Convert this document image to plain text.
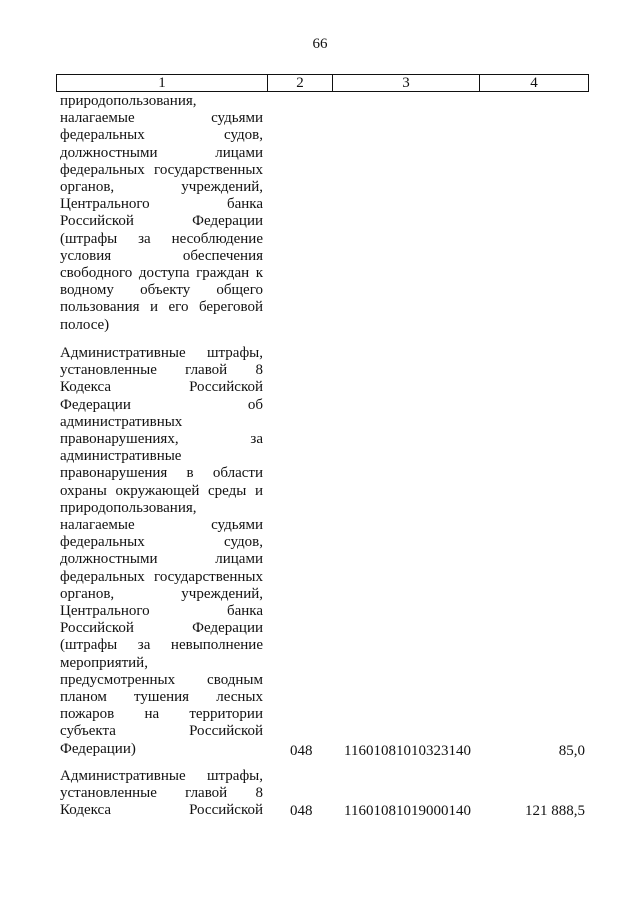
66
1	2	3	4
природопользования,
налагаемые судьями
федеральных судов,
должностными лицами
федеральных государственных
органов, учреждений,
Центрального банка
Российской Федерации
(штрафы за несоблюдение
условия обеспечения
свободного доступа граждан к
водному объекту общего
пользования и его береговой
полосе)
Административные штрафы,
установленные главой 8
Кодекса Российской
Федерации об
административных
правонарушениях, за
административные
правонарушения в области
охраны окружающей среды и
природопользования,
налагаемые судьями
федеральных судов,
должностными лицами
федеральных государственных
органов, учреждений,
Центрального банка
Российской Федерации
(штрафы за невыполнение
мероприятий,
предусмотренных сводным
планом тушения лесных
пожаров на территории
субъекта Российской
Федерации)	048	11601081010323140	85,0
Административные штрафы,
установленные главой 8
Кодекса Российской 048	11601081019000140	121 888,5
